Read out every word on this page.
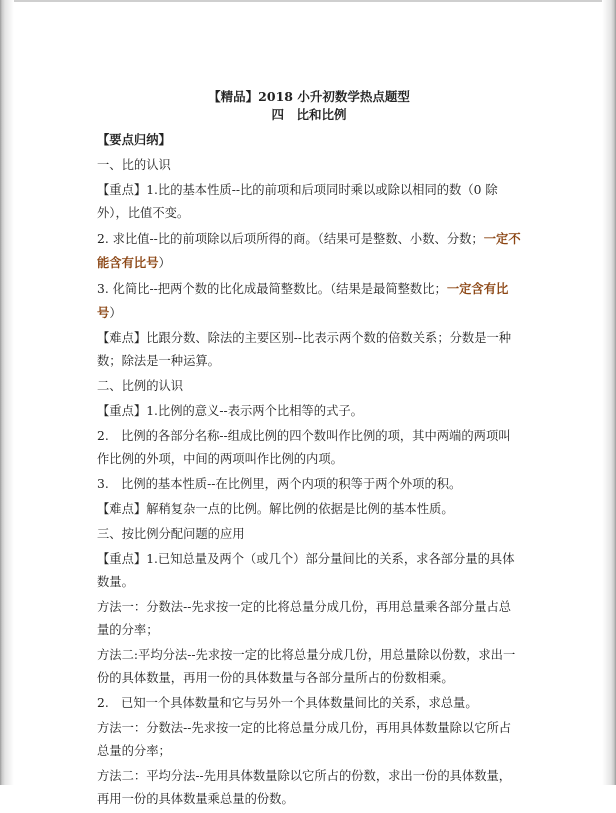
【精品】2018 小升初数学热点题型
四　比和比例
【要点归纳】
一、比的认识

【重点】1.比的基本性质--比的前项和后项同时乘以或除以相同的数（0 除外），比值不变。

2. 求比值--比的前项除以后项所得的商。（结果可是整数、小数、分数；一定不能含有比号）

3. 化简比--把两个数的比化成最简整数比。（结果是最简整数比；一定含有比号）

【难点】比跟分数、除法的主要区别--比表示两个数的倍数关系；分数是一种数；除法是一种运算。

二、比例的认识

【重点】1.比例的意义--表示两个比相等的式子。

2.　比例的各部分名称--组成比例的四个数叫作比例的项，其中两端的两项叫作比例的外项，中间的两项叫作比例的内项。

3.　比例的基本性质--在比例里，两个内项的积等于两个外项的积。

【难点】解稍复杂一点的比例。解比例的依据是比例的基本性质。

三、按比例分配问题的应用

【重点】1.已知总量及两个（或几个）部分量间比的关系，求各部分量的具体数量。

方法一：分数法--先求按一定的比将总量分成几份，再用总量乘各部分量占总量的分率；

方法二:平均分法--先求按一定的比将总量分成几份，用总量除以份数，求出一份的具体数量，再用一份的具体数量与各部分量所占的份数相乘。

2.　已知一个具体数量和它与另外一个具体数量间比的关系，求总量。

方法一：分数法--先求按一定的比将总量分成几份，再用具体数量除以它所占总量的分率；

方法二：平均分法--先用具体数量除以它所占的份数，求出一份的具体数量，再用一份的具体数量乘总量的份数。
